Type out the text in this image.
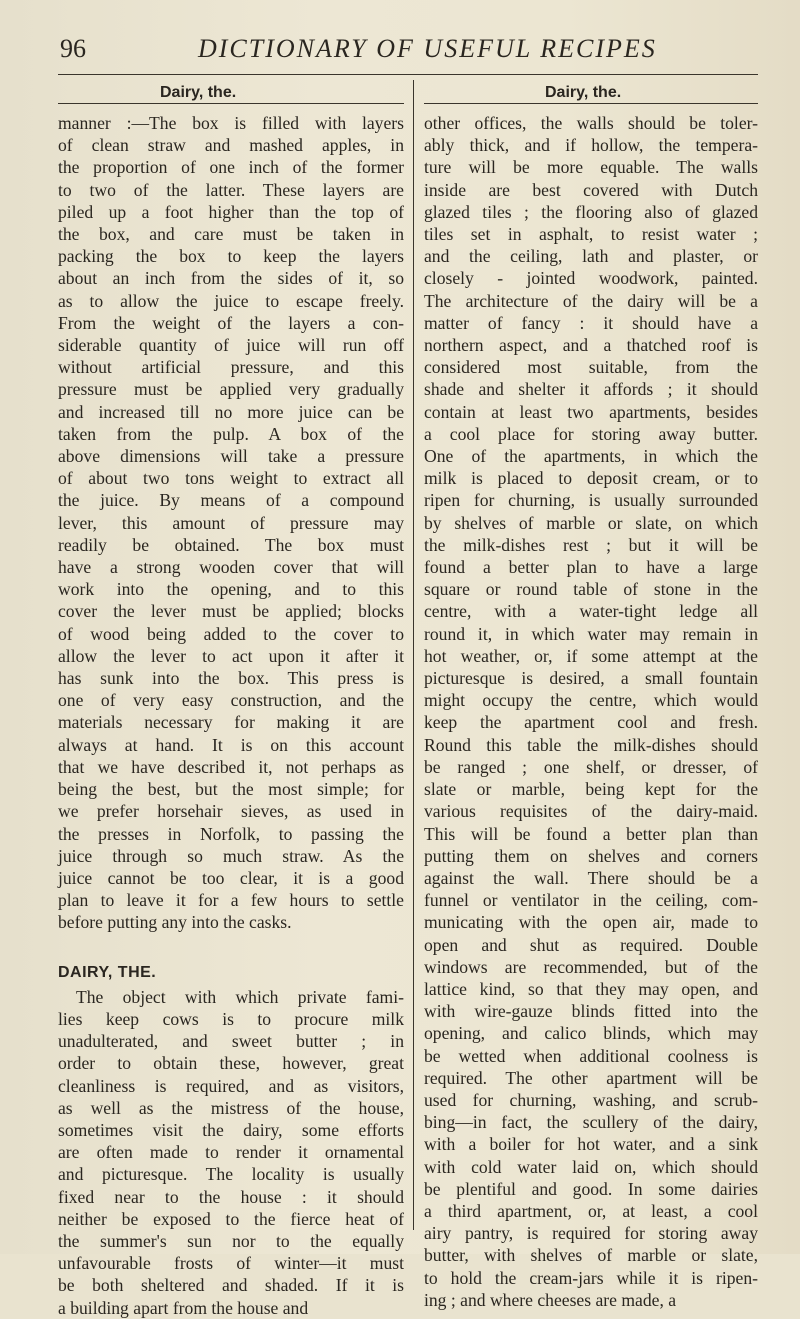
96	DICTIONARY OF USEFUL RECIPES
Dairy, the.	Dairy, the.
manner :—The box is filled with layers
of clean straw and mashed apples, in
the proportion of one inch of the former
to two of the latter. These layers are
piled up a foot higher than the top of
the box, and care must be taken in
packing the box to keep the layers
about an inch from the sides of it, so
as to allow the juice to escape freely.
From the weight of the layers a con-
siderable quantity of juice will run off
without artificial pressure, and this
pressure must be applied very gradually
and increased till no more juice can be
taken from the pulp. A box of the
above dimensions will take a pressure
of about two tons weight to extract all
the juice. By means of a compound
lever, this amount of pressure may
readily be obtained. The box must
have a strong wooden cover that will
work into the opening, and to this
cover the lever must be applied; blocks
of wood being added to the cover to
allow the lever to act upon it after it
has sunk into the box. This press is
one of very easy construction, and the
materials necessary for making it are
always at hand. It is on this account
that we have described it, not perhaps as
being the best, but the most simple; for
we prefer horsehair sieves, as used in
the presses in Norfolk, to passing the
juice through so much straw. As the
juice cannot be too clear, it is a good
plan to leave it for a few hours to settle
before putting any into the casks.
DAIRY, THE.
The object with which private fami-
lies keep cows is to procure milk
unadulterated, and sweet butter ; in
order to obtain these, however, great
cleanliness is required, and as visitors,
as well as the mistress of the house,
sometimes visit the dairy, some efforts
are often made to render it ornamental
and picturesque. The locality is usually
fixed near to the house : it should
neither be exposed to the fierce heat of
the summer's sun nor to the equally
unfavourable frosts of winter—it must
be both sheltered and shaded. If it is
a building apart from the house and
other offices, the walls should be toler-
ably thick, and if hollow, the tempera-
ture will be more equable. The walls
inside are best covered with Dutch
glazed tiles ; the flooring also of glazed
tiles set in asphalt, to resist water ;
and the ceiling, lath and plaster, or
closely - jointed woodwork, painted.
The architecture of the dairy will be a
matter of fancy : it should have a
northern aspect, and a thatched roof is
considered most suitable, from the
shade and shelter it affords ; it should
contain at least two apartments, besides
a cool place for storing away butter.
One of the apartments, in which the
milk is placed to deposit cream, or to
ripen for churning, is usually surrounded
by shelves of marble or slate, on which
the milk-dishes rest ; but it will be
found a better plan to have a large
square or round table of stone in the
centre, with a water-tight ledge all
round it, in which water may remain in
hot weather, or, if some attempt at the
picturesque is desired, a small fountain
might occupy the centre, which would
keep the apartment cool and fresh.
Round this table the milk-dishes should
be ranged ; one shelf, or dresser, of
slate or marble, being kept for the
various requisites of the dairy-maid.
This will be found a better plan than
putting them on shelves and corners
against the wall. There should be a
funnel or ventilator in the ceiling, com-
municating with the open air, made to
open and shut as required. Double
windows are recommended, but of the
lattice kind, so that they may open, and
with wire-gauze blinds fitted into the
opening, and calico blinds, which may
be wetted when additional coolness is
required. The other apartment will be
used for churning, washing, and scrub-
bing—in fact, the scullery of the dairy,
with a boiler for hot water, and a sink
with cold water laid on, which should
be plentiful and good. In some dairies
a third apartment, or, at least, a cool
airy pantry, is required for storing away
butter, with shelves of marble or slate,
to hold the cream-jars while it is ripen-
ing ; and where cheeses are made, a
